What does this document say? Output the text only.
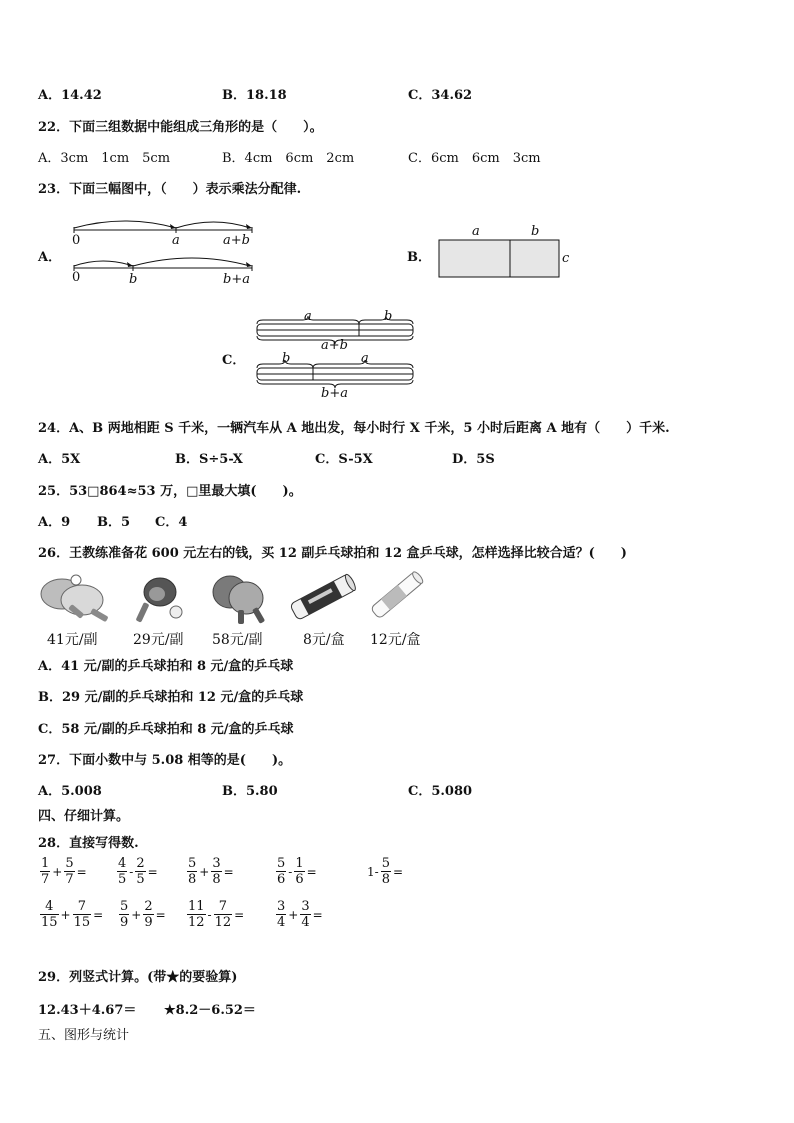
A．14.42	B．18.18	C．34.62
22．下面三组数据中能组成三角形的是（　　）。
A．3cm　1cm　5cm	B．4cm　6cm　2cm	C．6cm　6cm　3cm
23．下面三幅图中，（　　）表示乘法分配律.
A．
0	a	a+b
0	b	b+a
B．
a	b
c
C．
a	b
a+b
b	a
b+a
24．A、B 两地相距 S 千米，一辆汽车从 A 地出发，每小时行 X 千米，5 小时后距离 A 地有（　　）千米.
A．5X	B．S÷5-X	C．S-5X	D．5S
25．53□864≈53 万，□里最大填(　　)。
A．9 B．5 C．4
26．王教练准备花 600 元左右的钱，买 12 副乒乓球拍和 12 盒乒乓球，怎样选择比较合适？(　　)
41元/副	29元/副 58元/副	8元/盒 12元/盒
A．41 元/副的乒乓球拍和 8 元/盒的乒乓球
B．29 元/副的乒乓球拍和 12 元/盒的乒乓球
C．58 元/副的乒乓球拍和 8 元/盒的乒乓球
27．下面小数中与 5.08 相等的是(　　)。
A．5.008	B．5.80	C．5.080
四、仔细计算。
28．直接写得数.
$\frac{1}{7} + \frac{5}{7} = \frac{4}{5} - \frac{2}{5} = \frac{5}{8} + \frac{3}{8}$ =	$\frac{5}{6} - \frac{1}{6}$ =	$1- \frac{5}{8}$ =
$\frac{4}{15} + \frac{7}{15} = \frac{5}{9} + \frac{2}{9} = \frac{11}{12} - \frac{7}{12} = \frac{3}{4} + \frac{3}{4}$ =
29．列竖式计算。(带★的要验算)
12.43＋4.67＝ ★8.2－6.52＝
五、图形与统计
